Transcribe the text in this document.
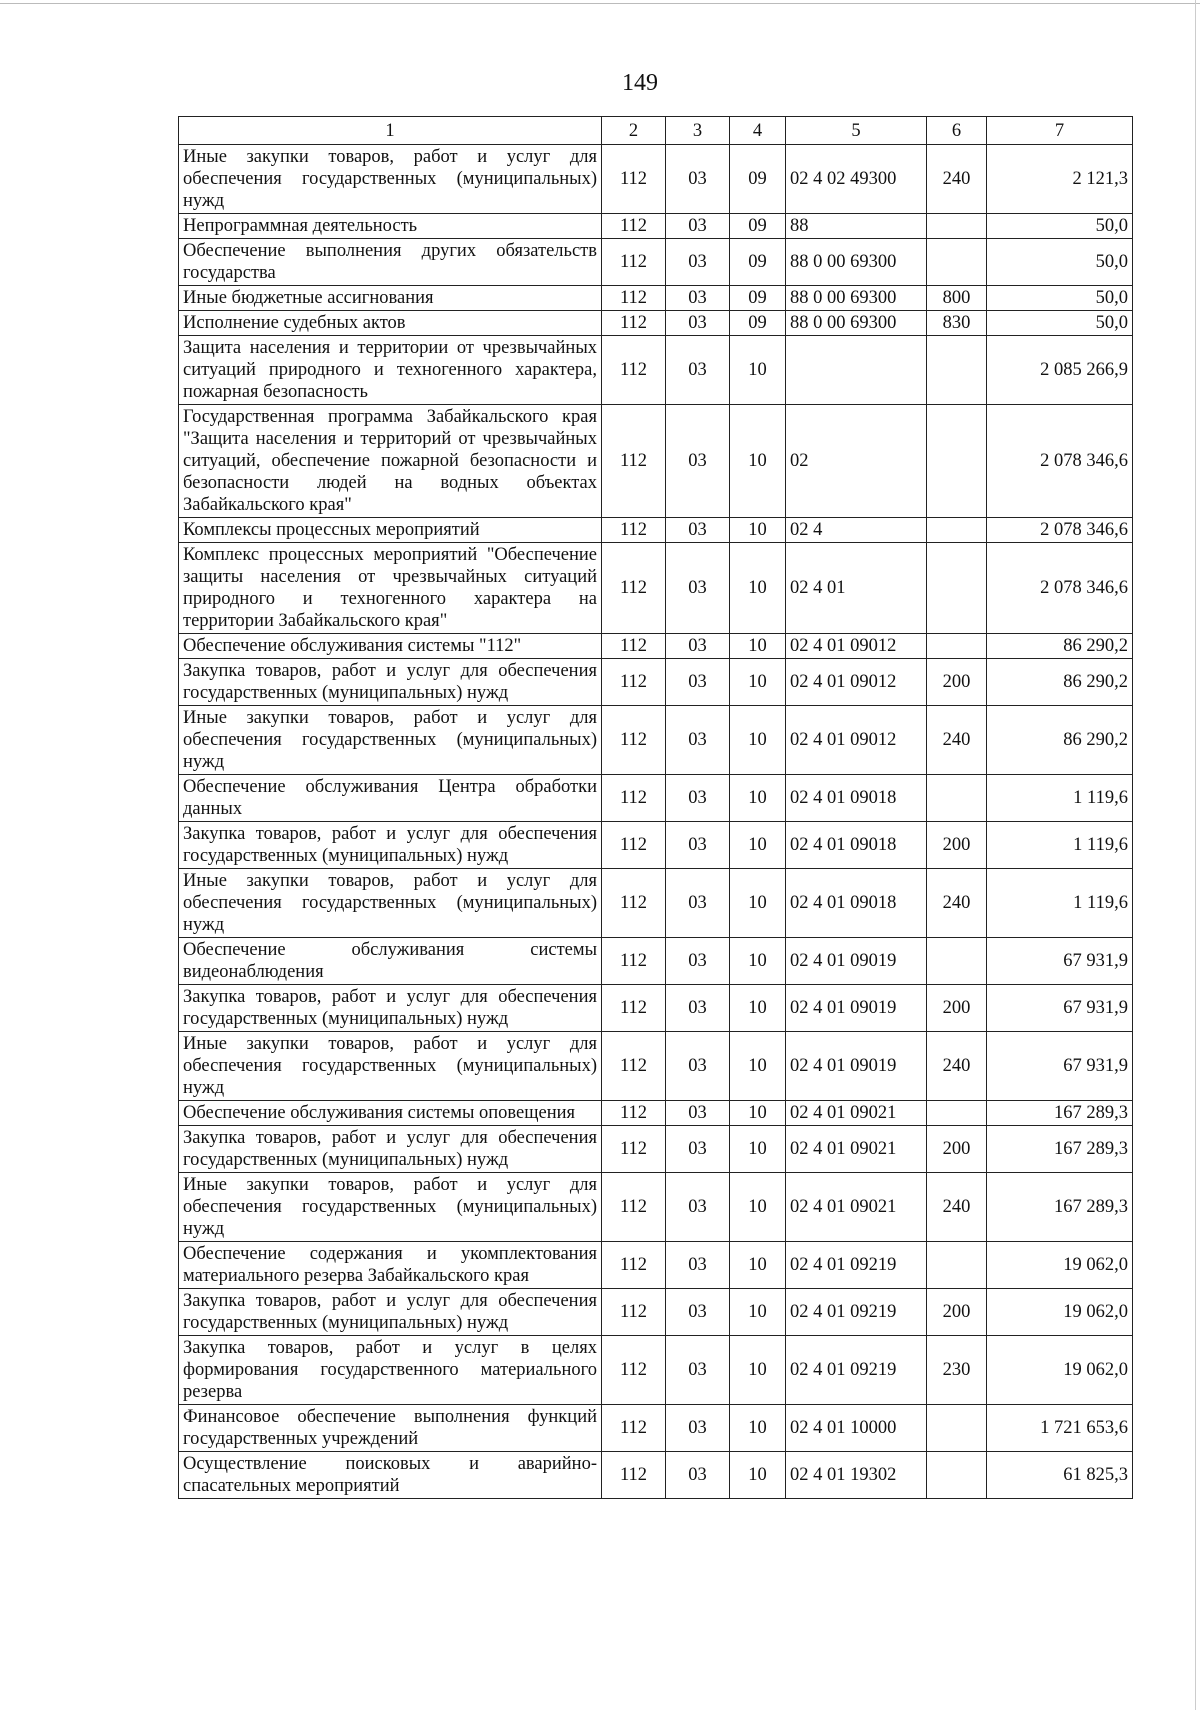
149
1	2	3	4	5	6	7
Иные закупки товаров, работ и услуг для обеспечения государственных (муниципальных) нужд	112	03	09	02 4 02 49300	240	2 121,3
Непрограммная деятельность	112	03	09	88		50,0
Обеспечение выполнения других обязательств государства	112	03	09	88 0 00 69300		50,0
Иные бюджетные ассигнования	112	03	09	88 0 00 69300	800	50,0
Исполнение судебных актов	112	03	09	88 0 00 69300	830	50,0
Защита населения и территории от чрезвычайных ситуаций природного и техногенного характера, пожарная безопасность	112	03	10			2 085 266,9
Государственная программа Забайкальского края "Защита населения и территорий от чрезвычайных ситуаций, обеспечение пожарной безопасности и безопасности людей на водных объектах Забайкальского края"	112	03	10	02		2 078 346,6
Комплексы процессных мероприятий	112	03	10	02 4		2 078 346,6
Комплекс процессных мероприятий "Обеспечение защиты населения от чрезвычайных ситуаций природного и техногенного характера на территории Забайкальского края"	112	03	10	02 4 01		2 078 346,6
Обеспечение обслуживания системы "112"	112	03	10	02 4 01 09012		86 290,2
Закупка товаров, работ и услуг для обеспечения государственных (муниципальных) нужд	112	03	10	02 4 01 09012	200	86 290,2
Иные закупки товаров, работ и услуг для обеспечения государственных (муниципальных) нужд	112	03	10	02 4 01 09012	240	86 290,2
Обеспечение обслуживания Центра обработки данных	112	03	10	02 4 01 09018		1 119,6
Закупка товаров, работ и услуг для обеспечения государственных (муниципальных) нужд	112	03	10	02 4 01 09018	200	1 119,6
Иные закупки товаров, работ и услуг для обеспечения государственных (муниципальных) нужд	112	03	10	02 4 01 09018	240	1 119,6
Обеспечение обслуживания системы видеонаблюдения	112	03	10	02 4 01 09019		67 931,9
Закупка товаров, работ и услуг для обеспечения государственных (муниципальных) нужд	112	03	10	02 4 01 09019	200	67 931,9
Иные закупки товаров, работ и услуг для обеспечения государственных (муниципальных) нужд	112	03	10	02 4 01 09019	240	67 931,9
Обеспечение обслуживания системы оповещения	112	03	10	02 4 01 09021		167 289,3
Закупка товаров, работ и услуг для обеспечения государственных (муниципальных) нужд	112	03	10	02 4 01 09021	200	167 289,3
Иные закупки товаров, работ и услуг для обеспечения государственных (муниципальных) нужд	112	03	10	02 4 01 09021	240	167 289,3
Обеспечение содержания и укомплектования материального резерва Забайкальского края	112	03	10	02 4 01 09219		19 062,0
Закупка товаров, работ и услуг для обеспечения государственных (муниципальных) нужд	112	03	10	02 4 01 09219	200	19 062,0
Закупка товаров, работ и услуг в целях формирования государственного материального резерва	112	03	10	02 4 01 09219	230	19 062,0
Финансовое обеспечение выполнения функций государственных учреждений	112	03	10	02 4 01 10000		1 721 653,6
Осуществление поисковых и аварийно-спасательных мероприятий	112	03	10	02 4 01 19302		61 825,3
